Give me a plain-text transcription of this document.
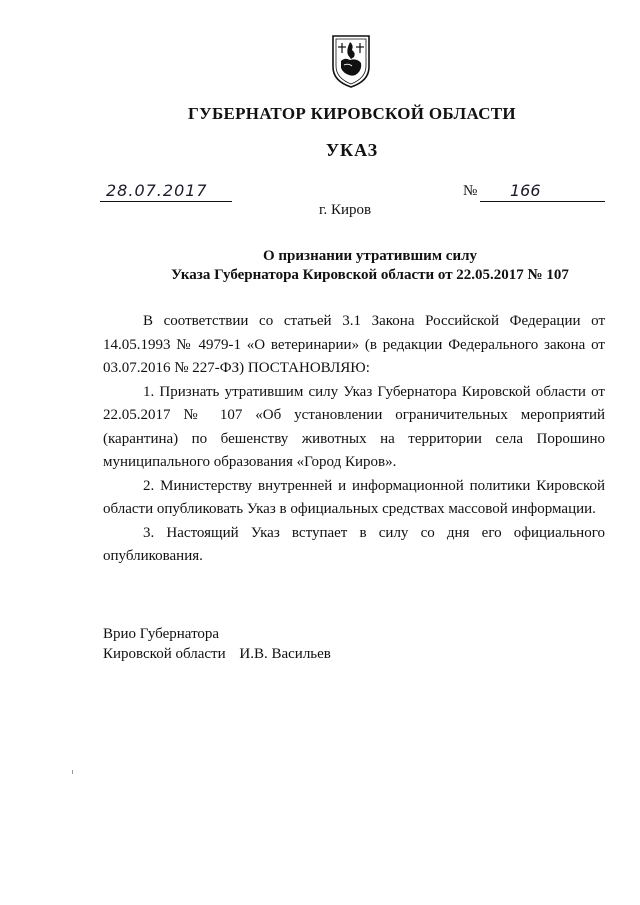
ГУБЕРНАТОР КИРОВСКОЙ ОБЛАСТИ
УКАЗ
28.07.2017	№ 166
г. Киров
О признании утратившим силу
Указа Губернатора Кировской области от 22.05.2017 № 107

В соответствии со статьей 3.1 Закона Российской Федерации от 14.05.1993 № 4979-1 «О ветеринарии» (в редакции Федерального закона от 03.07.2016 № 227-ФЗ) ПОСТАНОВЛЯЮ:

1. Признать утратившим силу Указ Губернатора Кировской области от 22.05.2017 № 107 «Об установлении ограничительных мероприятий (карантина) по бешенству животных на территории села Порошино муниципального образования «Город Киров».

2. Министерству внутренней и информационной политики Кировской области опубликовать Указ в официальных средствах массовой информации.

3. Настоящий Указ вступает в силу со дня его официального опубликования.

Врио Губернатора
Кировской области И.В. Васильев
